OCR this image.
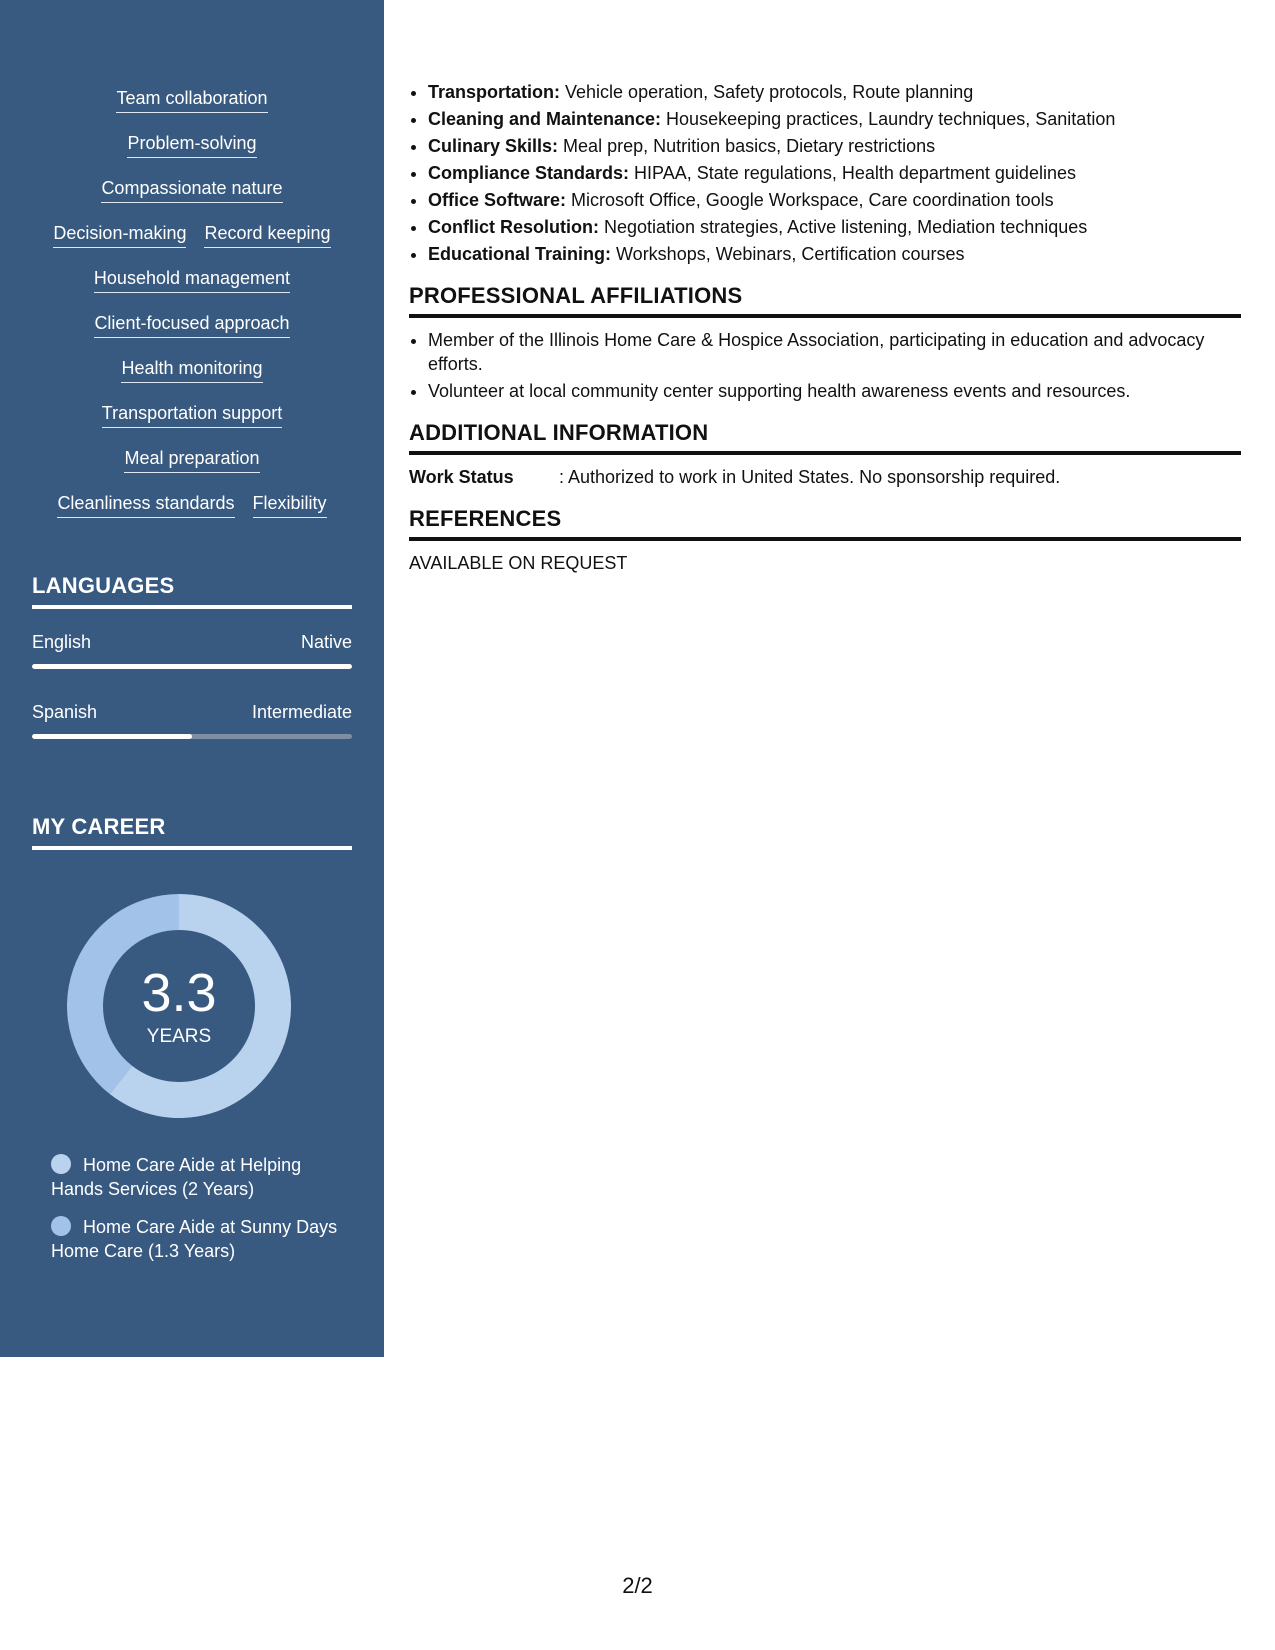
Team collaboration
Problem-solving
Compassionate nature
Decision-making Record keeping
Household management
Client-focused approach
Health monitoring
Transportation support
Meal preparation
Cleanliness standards Flexibility
LANGUAGES
English	Native
Spanish	Intermediate
MY CAREER
3.3
YEARS
Home Care Aide at Helping Hands Services (2 Years)
Home Care Aide at Sunny Days Home Care (1.3 Years)
• Transportation: Vehicle operation, Safety protocols, Route planning
• Cleaning and Maintenance: Housekeeping practices, Laundry techniques, Sanitation
• Culinary Skills: Meal prep, Nutrition basics, Dietary restrictions
• Compliance Standards: HIPAA, State regulations, Health department guidelines
• Office Software: Microsoft Office, Google Workspace, Care coordination tools
• Conflict Resolution: Negotiation strategies, Active listening, Mediation techniques
• Educational Training: Workshops, Webinars, Certification courses
PROFESSIONAL AFFILIATIONS
• Member of the Illinois Home Care & Hospice Association, participating in education and advocacy efforts.
• Volunteer at local community center supporting health awareness events and resources.
ADDITIONAL INFORMATION
Work Status	: Authorized to work in United States. No sponsorship required.
REFERENCES
AVAILABLE ON REQUEST
2/2
